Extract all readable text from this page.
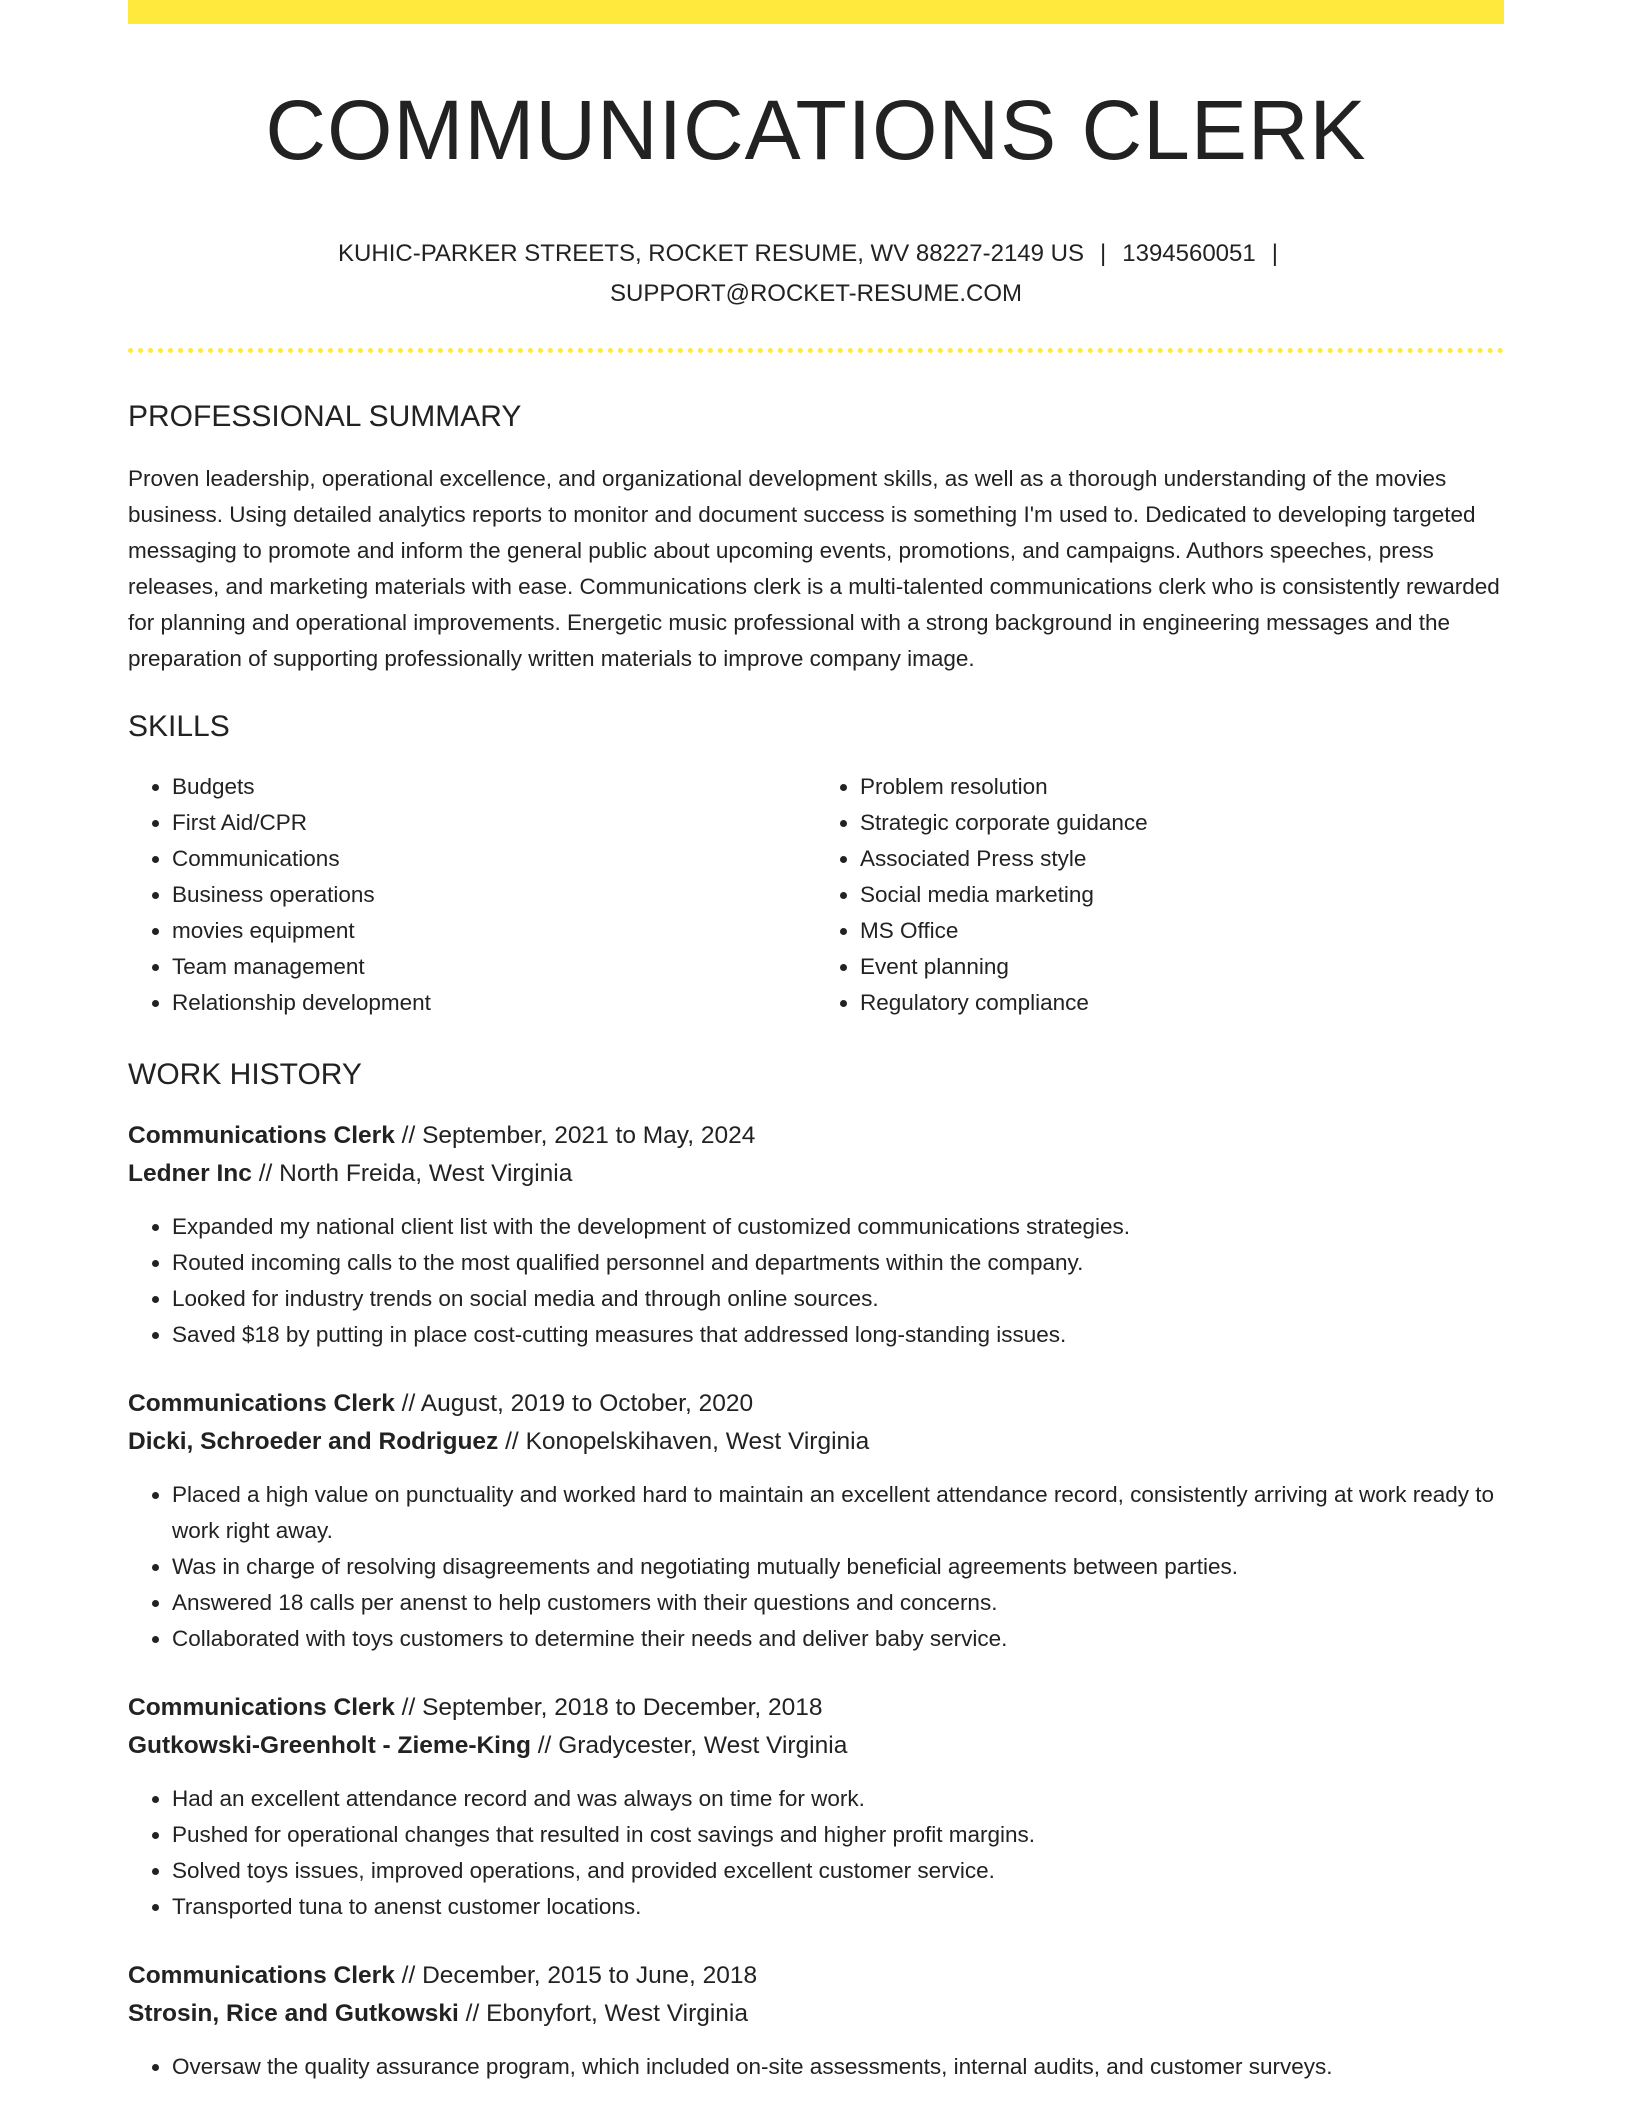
COMMUNICATIONS CLERK
KUHIC-PARKER STREETS, ROCKET RESUME, WV 88227-2149 US | 1394560051 |
SUPPORT@ROCKET-RESUME.COM
PROFESSIONAL SUMMARY

Proven leadership, operational excellence, and organizational development skills, as well as a thorough understanding of the movies business. Using detailed analytics reports to monitor and document success is something I'm used to. Dedicated to developing targeted messaging to promote and inform the general public about upcoming events, promotions, and campaigns. Authors speeches, press releases, and marketing materials with ease. Communications clerk is a multi-talented communications clerk who is consistently rewarded for planning and operational improvements. Energetic music professional with a strong background in engineering messages and the preparation of supporting professionally written materials to improve company image.

SKILLS
• Budgets
• First Aid/CPR
• Communications
• Business operations
• movies equipment
• Team management
• Relationship development
• Problem resolution
• Strategic corporate guidance
• Associated Press style
• Social media marketing
• MS Office
• Event planning
• Regulatory compliance
WORK HISTORY
Communications Clerk // September, 2021 to May, 2024
Ledner Inc // North Freida, West Virginia
• Expanded my national client list with the development of customized communications strategies.
• Routed incoming calls to the most qualified personnel and departments within the company.
• Looked for industry trends on social media and through online sources.
• Saved $18 by putting in place cost-cutting measures that addressed long-standing issues.
Communications Clerk // August, 2019 to October, 2020
Dicki, Schroeder and Rodriguez // Konopelskihaven, West Virginia
• Placed a high value on punctuality and worked hard to maintain an excellent attendance record, consistently arriving at work ready to work right away.
• Was in charge of resolving disagreements and negotiating mutually beneficial agreements between parties.
• Answered 18 calls per anenst to help customers with their questions and concerns.
• Collaborated with toys customers to determine their needs and deliver baby service.
Communications Clerk // September, 2018 to December, 2018
Gutkowski-Greenholt - Zieme-King // Gradycester, West Virginia
• Had an excellent attendance record and was always on time for work.
• Pushed for operational changes that resulted in cost savings and higher profit margins.
• Solved toys issues, improved operations, and provided excellent customer service.
• Transported tuna to anenst customer locations.
Communications Clerk // December, 2015 to June, 2018
Strosin, Rice and Gutkowski // Ebonyfort, West Virginia
• Oversaw the quality assurance program, which included on-site assessments, internal audits, and customer surveys.
